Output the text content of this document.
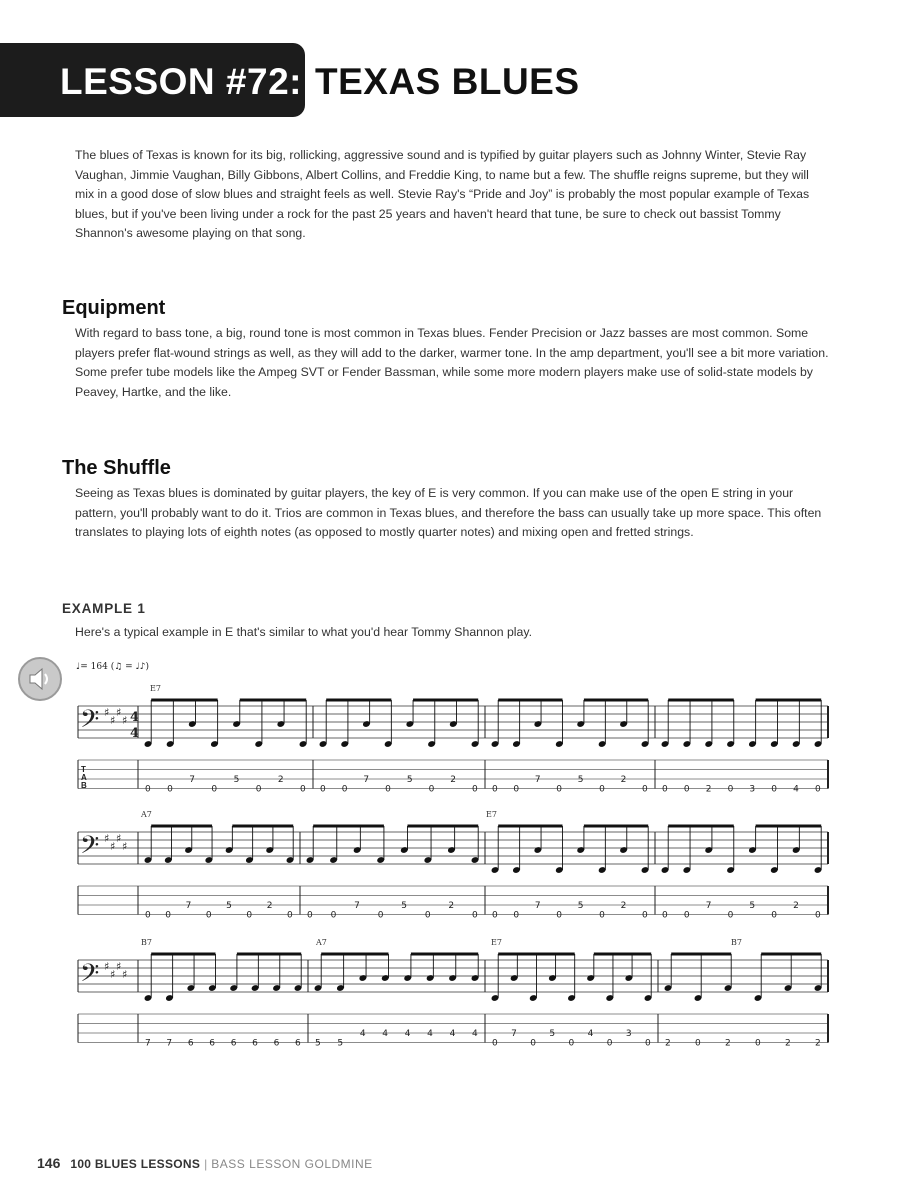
LESSON #72: TEXAS BLUES

The blues of Texas is known for its big, rollicking, aggressive sound and is typified by guitar players such as Johnny Winter, Stevie Ray Vaughan, Jimmie Vaughan, Billy Gibbons, Albert Collins, and Freddie King, to name but a few. The shuffle reigns supreme, but they will mix in a good dose of slow blues and straight feels as well. Stevie Ray's “Pride and Joy” is probably the most popular example of Texas blues, but if you've been living under a rock for the past 25 years and haven't heard that tune, be sure to check out bassist Tommy Shannon's awesome playing on that song.

Equipment

With regard to bass tone, a big, round tone is most common in Texas blues. Fender Precision or Jazz basses are most common. Some players prefer flat-wound strings as well, as they will add to the darker, warmer tone. In the amp department, you'll see a bit more variation. Some prefer tube models like the Ampeg SVT or Fender Bassman, while some more modern players make use of solid-state models by Peavey, Hartke, and the like.

The Shuffle

Seeing as Texas blues is dominated by guitar players, the key of E is very common. If you can make use of the open E string in your pattern, you'll probably want to do it. Trios are common in Texas blues, and therefore the bass can usually take up more space. This often translates to playing lots of eighth notes (as opposed to mostly quarter notes) and mixing open and fretted strings.

EXAMPLE 1
Here's a typical example in E that's similar to what you'd hear Tommy Shannon play.
♩= 164 (♫ = ♩♪)
E7
A7	E7
B7	A7	E7	B7
𝄢 ♯
♯
♯
♯ 4
4
T
A
B	0 0
7
0
5
0
2
0 0 0
7
0
5
0
2
0 0 0
7
0
5
0
2
0 0 0 2 0 3 0 4 0
𝄢 ♯
♯
♯
♯
0 0
7
0
5
0
2
0 0 0
7
0
5
0
2
0 0 0
7
0
5
0
2
0 0 0
7
0
5
0
2
0
𝄢 ♯
♯
♯
♯
7 7 6 6 6 6 6 6 5 5
4 4 4 4 4 4
0
7
0
5
0
4
0
3
0 2	0	2	0	2	2
146 100 BLUES LESSONS | BASS LESSON GOLDMINE
